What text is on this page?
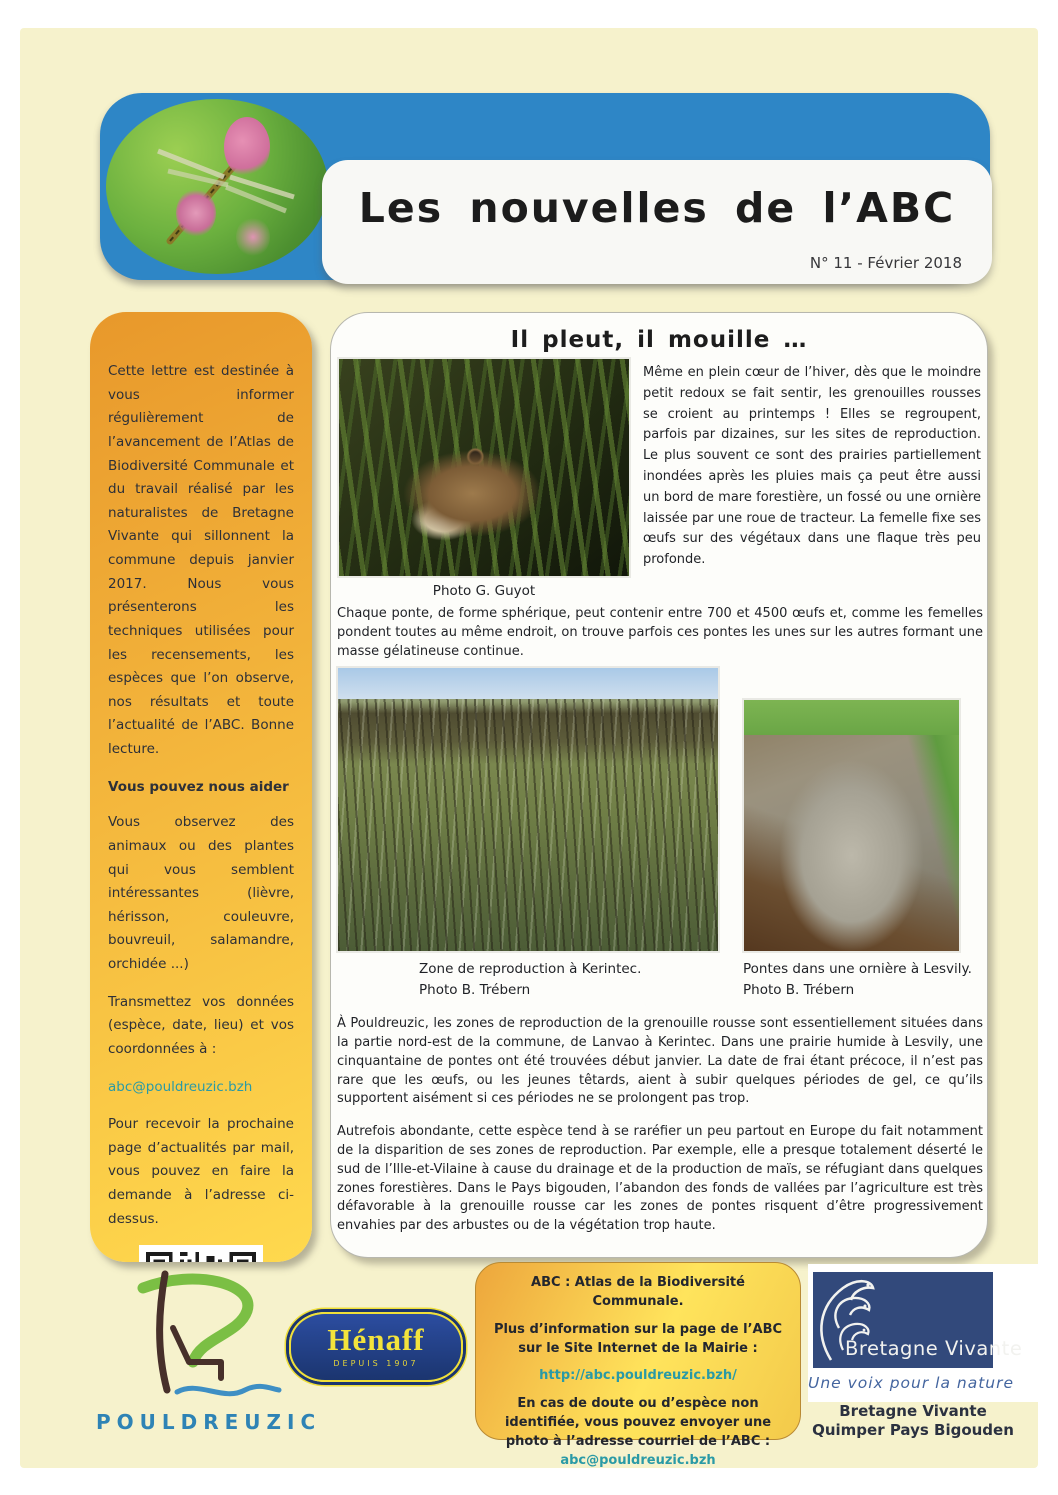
Les nouvelles de l’ABC
N° 11 - Février 2018

Cette lettre est destinée à vous informer régulièrement de l’avancement de l’Atlas de Biodiversité Communale et du travail réalisé par les naturalistes de Bretagne Vivante qui sillonnent la commune depuis janvier 2017. Nous vous présenterons les techniques utilisées pour les recensements, les espèces que l’on observe, nos résultats et toute l’actualité de l’ABC. Bonne lecture.

Vous pouvez nous aider

Vous observez des animaux ou des plantes qui vous semblent intéressantes (lièvre, hérisson, couleuvre, bouvreuil, salamandre, orchidée ...)

Transmettez vos données (espèce, date, lieu) et vos coordonnées à :

abc@pouldreuzic.bzh

Pour recevoir la prochaine page d’actualités par mail, vous pouvez en faire la demande à l’adresse ci-dessus.

Il pleut, il mouille …
Même en plein cœur de l’hiver, dès que le moindre petit redoux se fait sentir, les grenouilles rousses se croient au printemps ! Elles se regroupent, parfois par dizaines, sur les sites de reproduction. Le plus souvent ce sont des prairies partiellement inondées après les pluies mais ça peut être aussi un bord de mare forestière, un fossé ou une ornière laissée par une roue de tracteur. La femelle fixe ses œufs sur des végétaux dans une flaque très peu profonde.
Photo G. Guyot
Chaque ponte, de forme sphérique, peut contenir entre 700 et 4500 œufs et, comme les femelles pondent toutes au même endroit, on trouve parfois ces pontes les unes sur les autres formant une masse gélatineuse continue.
Zone de reproduction à Kerintec.
Photo B. Trébern
Pontes dans une ornière à Lesvily.
Photo B. Trébern
À Pouldreuzic, les zones de reproduction de la grenouille rousse sont essentiellement situées dans la partie nord-est de la commune, de Lanvao à Kerintec. Dans une prairie humide à Lesvily, une cinquantaine de pontes ont été trouvées début janvier. La date de frai étant précoce, il n’est pas rare que les œufs, ou les jeunes têtards, aient à subir quelques périodes de gel, ce qu’ils supportent aisément si ces périodes ne se prolongent pas trop.
Autrefois abondante, cette espèce tend à se raréfier un peu partout en Europe du fait notamment de la disparition de ses zones de reproduction. Par exemple, elle a presque totalement déserté le sud de l’Ille-et-Vilaine à cause du drainage et de la production de maïs, se réfugiant dans quelques zones forestières. Dans le Pays bigouden, l’abandon des fonds de vallées par l’agriculture est très défavorable à la grenouille rousse car les zones de pontes risquent d’être progressivement envahies par des arbustes ou de la végétation trop haute.
POULDREUZIC
Hénaff
DEPUIS 1907

ABC : Atlas de la Biodiversité Communale.

Plus d’information sur la page de l’ABC sur le Site Internet de la Mairie :

http://abc.pouldreuzic.bzh/

En cas de doute ou d’espèce non identifiée, vous pouvez envoyer une photo à l’adresse courriel de l’ABC : abc@pouldreuzic.bzh

Bretagne Vivante
Une voix pour la nature
Bretagne Vivante
Quimper Pays Bigouden
